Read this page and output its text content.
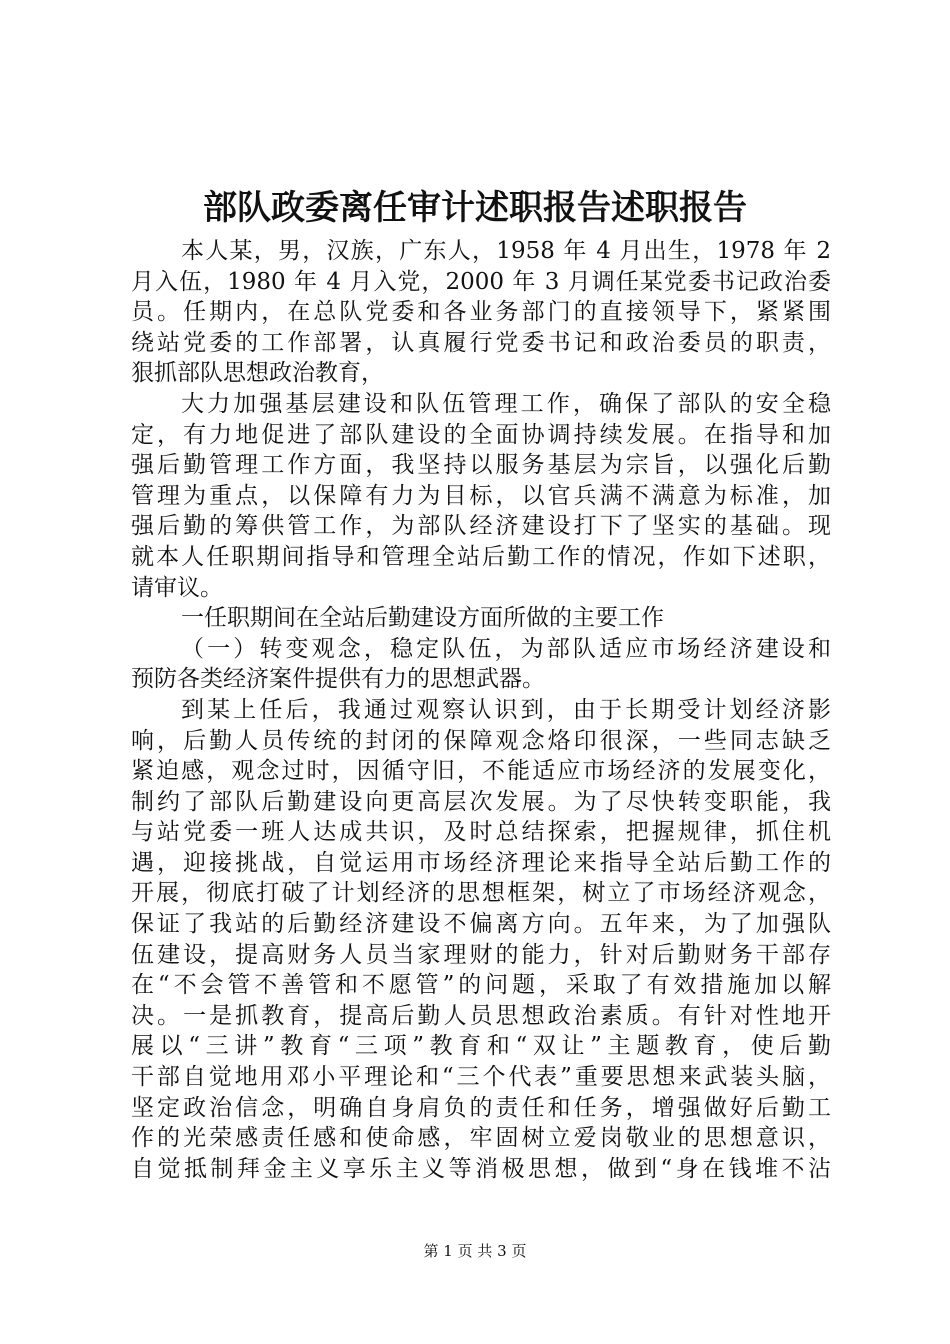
部队政委离任审计述职报告述职报告
本人某，男，汉族，广东人，1958 年 4 月出生，1978 年 2
月入伍，1980 年 4 月入党，2000 年 3 月调任某党委书记政治委
员。任期内，在总队党委和各业务部门的直接领导下，紧紧围
绕站党委的工作部署，认真履行党委书记和政治委员的职责，
狠抓部队思想政治教育，
大力加强基层建设和队伍管理工作，确保了部队的安全稳
定，有力地促进了部队建设的全面协调持续发展。在指导和加
强后勤管理工作方面，我坚持以服务基层为宗旨，以强化后勤
管理为重点，以保障有力为目标，以官兵满不满意为标准，加
强后勤的筹供管工作，为部队经济建设打下了坚实的基础。现
就本人任职期间指导和管理全站后勤工作的情况，作如下述职，
请审议。
一任职期间在全站后勤建设方面所做的主要工作
（一）转变观念，稳定队伍，为部队适应市场经济建设和
预防各类经济案件提供有力的思想武器。
到某上任后，我通过观察认识到，由于长期受计划经济影
响，后勤人员传统的封闭的保障观念烙印很深，一些同志缺乏
紧迫感，观念过时，因循守旧，不能适应市场经济的发展变化，
制约了部队后勤建设向更高层次发展。为了尽快转变职能，我
与站党委一班人达成共识，及时总结探索，把握规律，抓住机
遇，迎接挑战，自觉运用市场经济理论来指导全站后勤工作的
开展，彻底打破了计划经济的思想框架，树立了市场经济观念，
保证了我站的后勤经济建设不偏离方向。五年来，为了加强队
伍建设，提高财务人员当家理财的能力，针对后勤财务干部存
在“不会管不善管和不愿管”的问题，采取了有效措施加以解
决。一是抓教育，提高后勤人员思想政治素质。有针对性地开
展以“三讲”教育“三项”教育和“双让”主题教育，使后勤
干部自觉地用邓小平理论和“三个代表”重要思想来武装头脑，
坚定政治信念，明确自身肩负的责任和任务，增强做好后勤工
作的光荣感责任感和使命感，牢固树立爱岗敬业的思想意识，
自觉抵制拜金主义享乐主义等消极思想，做到“身在钱堆不沾
第 1 页 共 3 页
